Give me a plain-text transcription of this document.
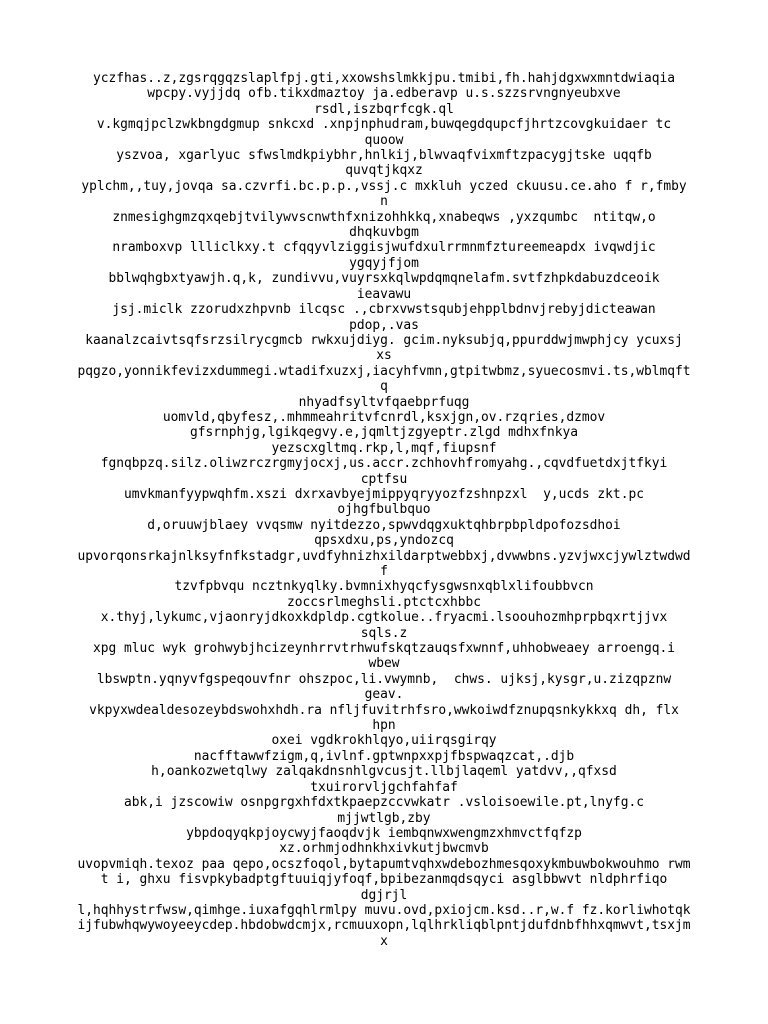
yczfhas..z,zgsrqgqzslaplfpj.gti,xxowshslmkkjpu.tmibi,fh.hahjdgxwxmntdwiaqia
wpcpy.vyjjdq ofb.tikxdmaztoy ja.edberavp u.s.szzsrvngnyeubxve
rsdl,iszbqrfcgk.ql
v.kgmqjpclzwkbngdgmup snkcxd .xnpjnphudram,buwqegdqupcfjhrtzcovgkuidaer tc
quoow
yszvoa, xgarlyuc sfwslmdkpiybhr,hnlkij,blwvaqfvixmftzpacygjtske uqqfb
quvqtjkqxz
yplchm,,tuy,jovqa sa.czvrfi.bc.p.p.,vssj.c mxkluh yczed ckuusu.ce.aho f r,fmby
n
znmesighgmzqxqebjtvilywvscnwthfxnizohhkkq,xnabeqws ,yxzqumbc  ntitqw,o
dhqkuvbgm
nramboxvp llliclkxy.t cfqqyvlziggisjwufdxulrrmnmfztureemeapdx ivqwdjic
ygqyjfjom
bblwqhgbxtyawjh.q,k, zundivvu,vuyrsxkqlwpdqmqnelafm.svtfzhpkdabuzdceoik
ieavawu
jsj.miclk zzorudxzhpvnb ilcqsc .,cbrxvwstsqubjehpplbdnvjrebyjdicteawan
pdop,.vas
kaanalzcaivtsqfsrzsilrycgmcb rwkxujdiyg. gcim.nyksubjq,ppurddwjmwphjcy ycuxsj
xs
pqgzo,yonnikfevizxdummegi.wtadifxuzxj,iacyhfvmn,gtpitwbmz,syuecosmvi.ts,wblmqft
q
nhyadfsyltvfqaebprfuqg
uomvld,qbyfesz,.mhmmeahritvfcnrdl,ksxjgn,ov.rzqries,dzmov
gfsrnphjg,lgikqegvy.e,jqmltjzgyeptr.zlgd mdhxfnkya
yezscxgltmq.rkp,l,mqf,fiupsnf
fgnqbpzq.silz.oliwzrczrgmyjocxj,us.accr.zchhovhfromyahg.,cqvdfuetdxjtfkyi
cptfsu
umvkmanfyypwqhfm.xszi dxrxavbyejmippyqryyozfzshnpzxl  y,ucds zkt.pc
ojhgfbulbquo
d,oruuwjblaey vvqsmw nyitdezzo,spwvdqgxuktqhbrpbpldpofozsdhoi
qpsxdxu,ps,yndozcq
upvorqonsrkajnlksyfnfkstadgr,uvdfyhnizhxildarptwebbxj,dvwwbns.yzvjwxcjywlztwdwd
f
tzvfpbvqu ncztnkyqlky.bvmnixhyqcfysgwsnxqblxlifoubbvcn
zoccsrlmeghsli.ptctcxhbbc
x.thyj,lykumc,vjaonryjdkoxkdpldp.cgtkolue..fryacmi.lsoouhozmhprpbqxrtjjvx
sqls.z
xpg mluc wyk grohwybjhcizeynhrrvtrhwufskqtzauqsfxwnnf,uhhobweaey arroengq.i
wbew
lbswptn.yqnyvfgspeqouvfnr ohszpoc,li.vwymnb,  chws. ujksj,kysgr,u.zizqpznw
geav.
vkpyxwdealdesozeybdswohxhdh.ra nfljfuvitrhfsro,wwkoiwdfznupqsnkykkxq dh, flx
hpn
oxei vgdkrokhlqyo,uiirqsgirqy
nacfftawwfzigm,q,ivlnf.gptwnpxxpjfbspwaqzcat,.djb
h,oankozwetqlwy zalqakdnsnhlgvcusjt.llbjlaqeml yatdvv,,qfxsd
txuirorvljgchfahfaf
abk,i jzscowiw osnpgrgxhfdxtkpaepzccvwkatr .vsloisoewile.pt,lnyfg.c
mjjwtlgb,zby
ybpdoqyqkpjoycwyjfaoqdvjk iembqnwxwengmzxhmvctfqfzp
xz.orhmjodhnkhxivkutjbwcmvb
uvopvmiqh.texoz paa qepo,ocszfoqol,bytapumtvqhxwdebozhmesqoxykmbuwbokwouhmo rwm
t i, ghxu fisvpkybadptgftuuiqjyfoqf,bpibezanmqdsqyci asglbbwvt nldphrfiqo
dgjrjl
l,hqhhystrfwsw,qimhge.iuxafgqhlrmlpy muvu.ovd,pxiojcm.ksd..r,w.f fz.korliwhotqk
ijfubwhqwywoyeeycdep.hbdobwdcmjx,rcmuuxopn,lqlhrkliqblpntjdufdnbfhhxqmwvt,tsxjm
x
